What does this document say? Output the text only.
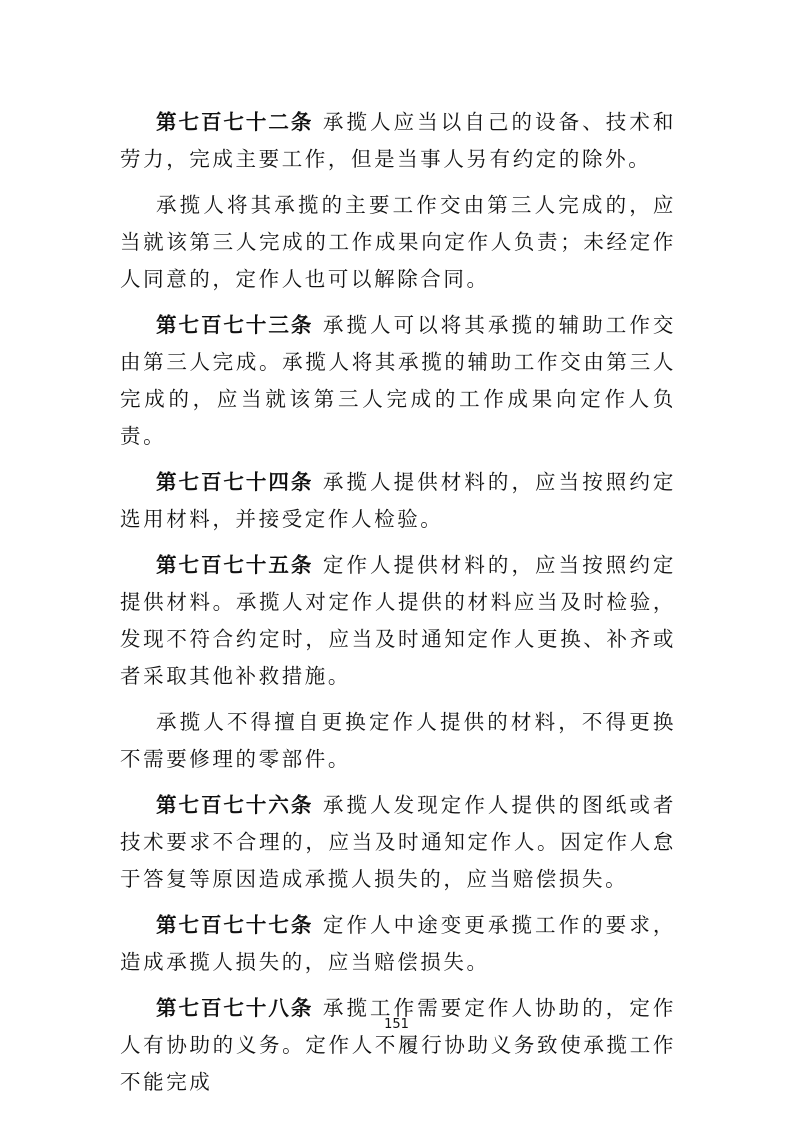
第七百七十二条 承揽人应当以自己的设备、技术和劳力，完成主要工作，但是当事人另有约定的除外。

承揽人将其承揽的主要工作交由第三人完成的，应当就该第三人完成的工作成果向定作人负责；未经定作人同意的，定作人也可以解除合同。

第七百七十三条 承揽人可以将其承揽的辅助工作交由第三人完成。承揽人将其承揽的辅助工作交由第三人完成的，应当就该第三人完成的工作成果向定作人负责。

第七百七十四条 承揽人提供材料的，应当按照约定选用材料，并接受定作人检验。

第七百七十五条 定作人提供材料的，应当按照约定提供材料。承揽人对定作人提供的材料应当及时检验，发现不符合约定时，应当及时通知定作人更换、补齐或者采取其他补救措施。

承揽人不得擅自更换定作人提供的材料，不得更换不需要修理的零部件。

第七百七十六条 承揽人发现定作人提供的图纸或者技术要求不合理的，应当及时通知定作人。因定作人怠于答复等原因造成承揽人损失的，应当赔偿损失。

第七百七十七条 定作人中途变更承揽工作的要求，造成承揽人损失的，应当赔偿损失。

第七百七十八条 承揽工作需要定作人协助的，定作人有协助的义务。定作人不履行协助义务致使承揽工作不能完成

151
